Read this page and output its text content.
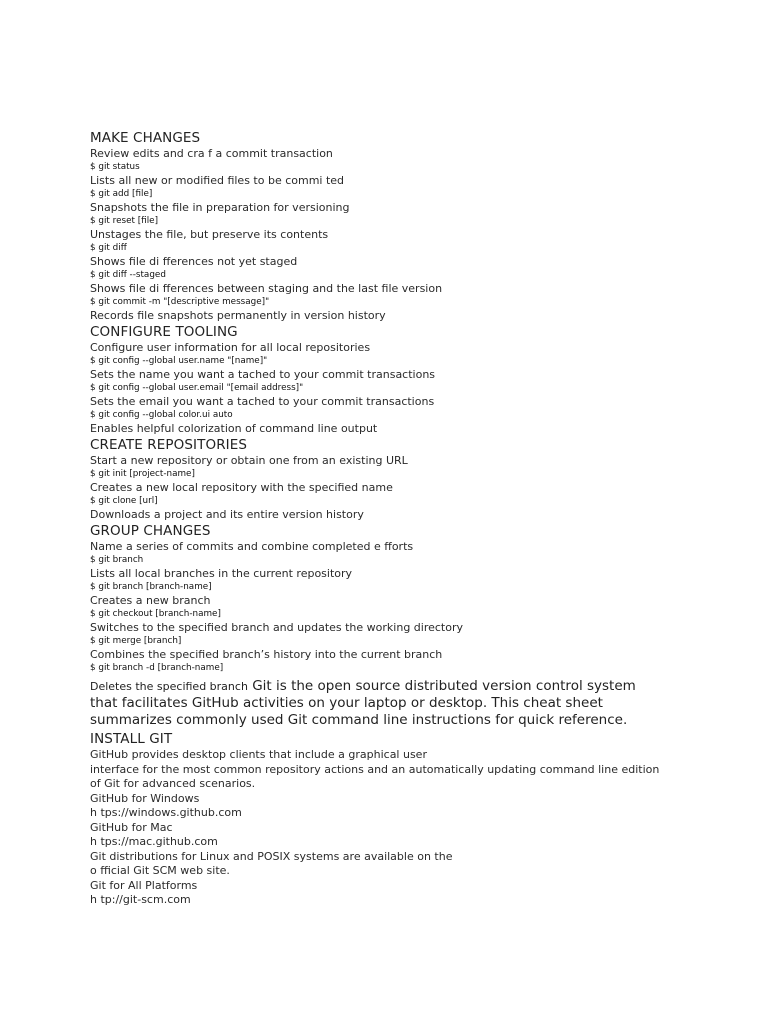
MAKE CHANGES
Review edits and cra f a commit transaction
$ git status
Lists all new or modified files to be commi ted
$ git add [file]
Snapshots the file in preparation for versioning
$ git reset [file]
Unstages the file, but preserve its contents
$ git diff
Shows file di fferences not yet staged
$ git diff --staged
Shows file di fferences between staging and the last file version
$ git commit -m "[descriptive message]"
Records file snapshots permanently in version history
CONFIGURE TOOLING
Configure user information for all local repositories
$ git config --global user.name "[name]"
Sets the name you want a tached to your commit transactions
$ git config --global user.email "[email address]"
Sets the email you want a tached to your commit transactions
$ git config --global color.ui auto
Enables helpful colorization of command line output
CREATE REPOSITORIES
Start a new repository or obtain one from an existing URL
$ git init [project-name]
Creates a new local repository with the specified name
$ git clone [url]
Downloads a project and its entire version history
GROUP CHANGES
Name a series of commits and combine completed e fforts
$ git branch
Lists all local branches in the current repository
$ git branch [branch-name]
Creates a new branch
$ git checkout [branch-name]
Switches to the specified branch and updates the working directory
$ git merge [branch]
Combines the specified branch’s history into the current branch
$ git branch -d [branch-name]
Deletes the specified branch Git is the open source distributed version control system
that facilitates GitHub activities on your laptop or desktop. This cheat sheet
summarizes commonly used Git command line instructions for quick reference.
INSTALL GIT
GitHub provides desktop clients that include a graphical user
interface for the most common repository actions and an automatically updating command line edition
of Git for advanced scenarios.
GitHub for Windows
h tps://windows.github.com
GitHub for Mac
h tps://mac.github.com
Git distributions for Linux and POSIX systems are available on the
o fficial Git SCM web site.
Git for All Platforms
h tp://git-scm.com
